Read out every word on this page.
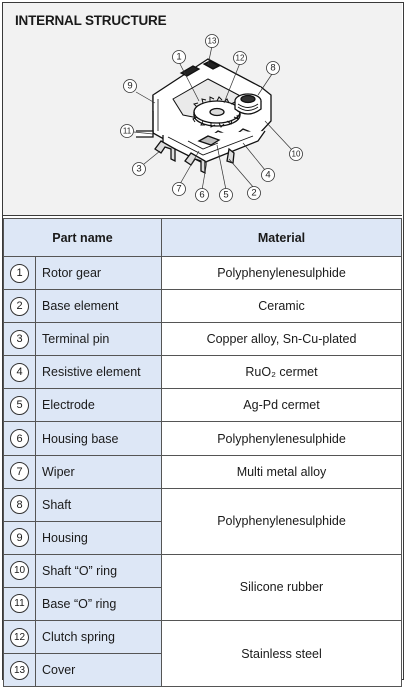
INTERNAL STRUCTURE
1
2
3
4
5
6
7
8
9
10
11
12
13
Part name	Material

1 Rotor gear	Polyphenylenesulphide

2 Base element	Ceramic

3 Terminal pin	Copper alloy, Sn-Cu-plated

4 Resistive element	RuO₂ cermet

5 Electrode	Ag-Pd cermet

6 Housing base	Polyphenylenesulphide

7 Wiper	Multi metal alloy

8 Shaft	Polyphenylenesulphide

9 Housing	

10 Shaft “O” ring	Silicone rubber

11 Base “O” ring	

12 Clutch spring	Stainless steel

13 Cover	
